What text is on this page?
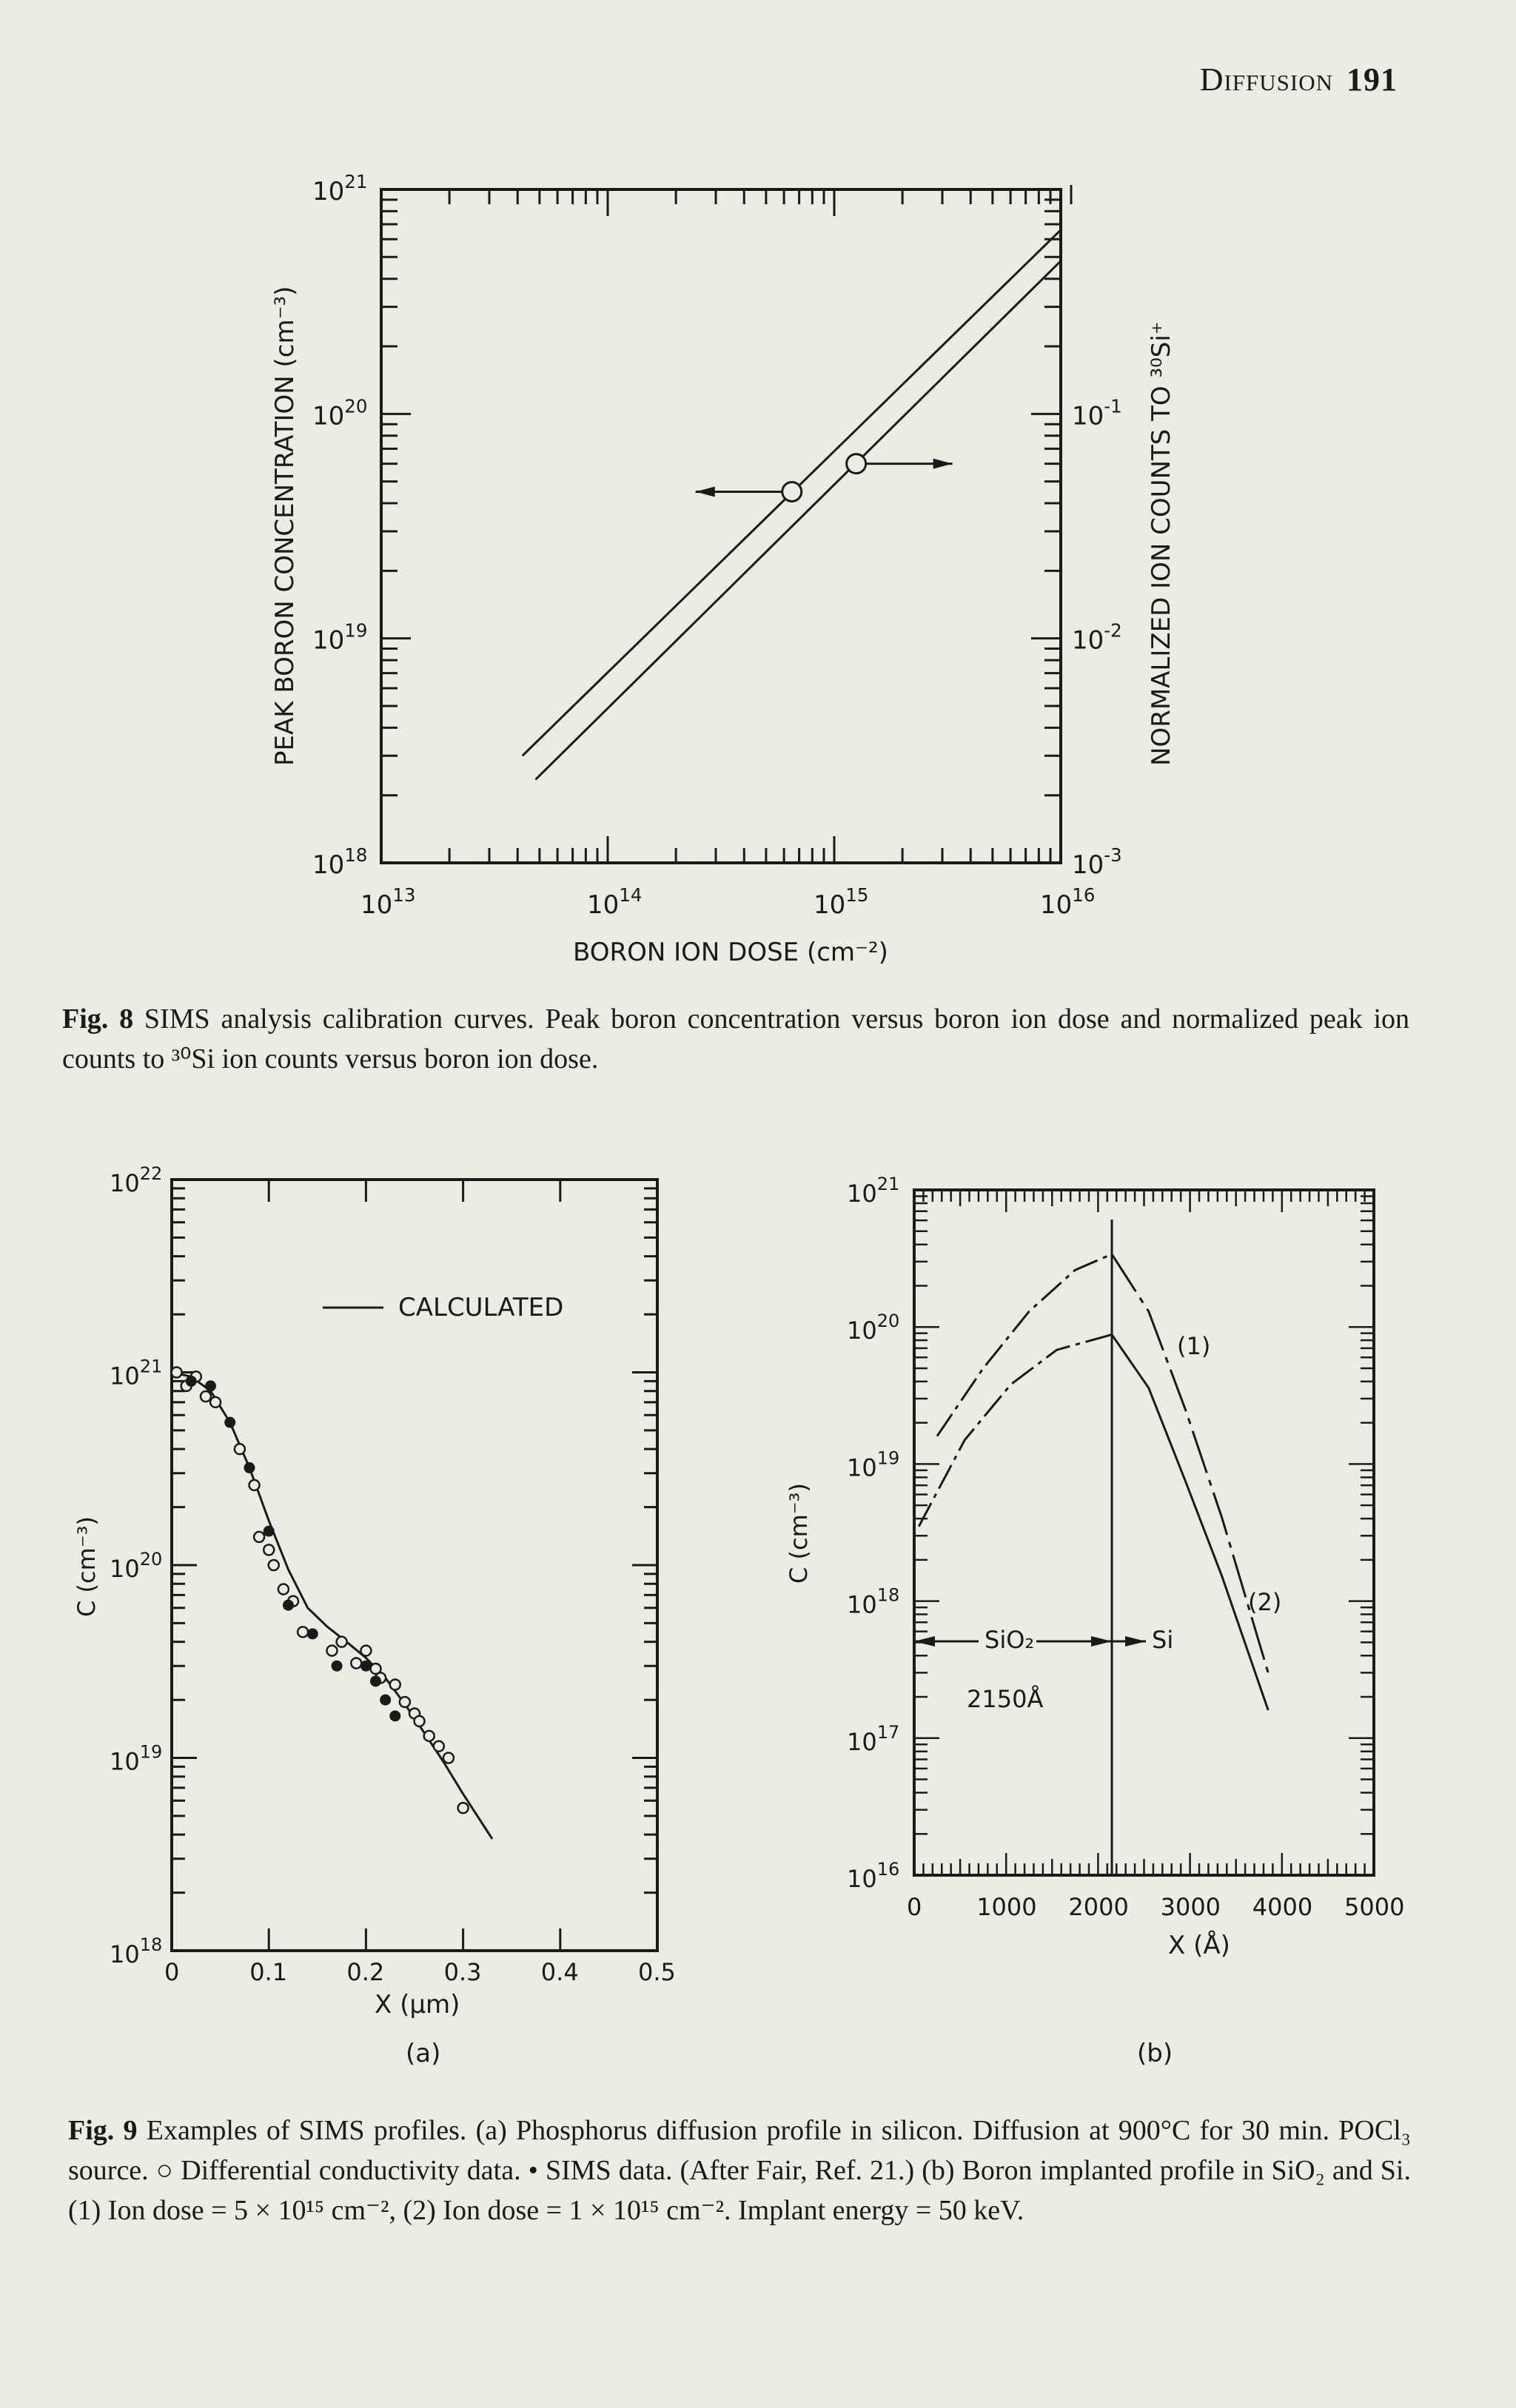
Diffusion 191
PEAK BORON CONCENTRATION (cm⁻³)	NORMALIZED ION COUNTS TO ³⁰Si⁺
BORON ION DOSE (cm⁻²)
$10^{13}$	$10^{14}$	$10^{15}$	$10^{16}$
$10^{18}$
$10^{19}$
$10^{20}$
$10^{21}$
$10^{-3}$
$10^{-2}$
$10^{-1}$
Fig. 8 SIMS analysis calibration curves. Peak boron concentration versus boron ion dose and normalized peak ion counts to ³⁰Si ion counts versus boron ion dose.
0	0.1	0.2	0.3	0.4	0.5
$10^{18}$
$10^{19}$
$10^{20}$
$10^{21}$
$10^{22}$
0 1000 2000 3000 4000 5000
$10^{16}$
$10^{17}$
$10^{18}$
$10^{19}$
$10^{20}$
$10^{21}$
C (cm⁻³)
X (μm)
(a)
CALCULATED
C (cm⁻³)
X (Å)
(b)
(1)
(2)
SiO₂	Si
2150Å
Fig. 9 Examples of SIMS profiles. (a) Phosphorus diffusion profile in silicon. Diffusion at 900°C for 30 min. POCl₃ source. ○ Differential conductivity data. • SIMS data. (After Fair, Ref. 21.) (b) Boron implanted profile in SiO₂ and Si. (1) Ion dose = 5 × 10¹⁵ cm⁻², (2) Ion dose = 1 × 10¹⁵ cm⁻². Implant energy = 50 keV.
